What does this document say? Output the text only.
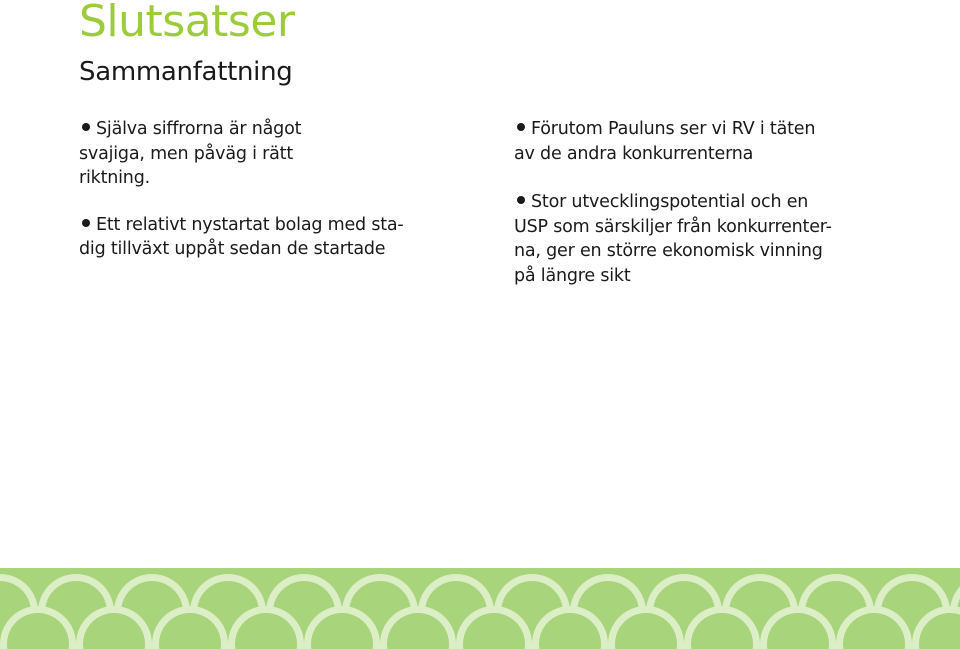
Slutsatser
Sammanfattning

Själva siffrorna är något
svajiga, men påväg i rätt
riktning.

Ett relativt nystartat bolag med sta-
dig tillväxt uppåt sedan de startade

Förutom Pauluns ser vi RV i täten
av de andra konkurrenterna

Stor utvecklingspotential och en
USP som särskiljer från konkurrenter-
na, ger en större ekonomisk vinning
på längre sikt
